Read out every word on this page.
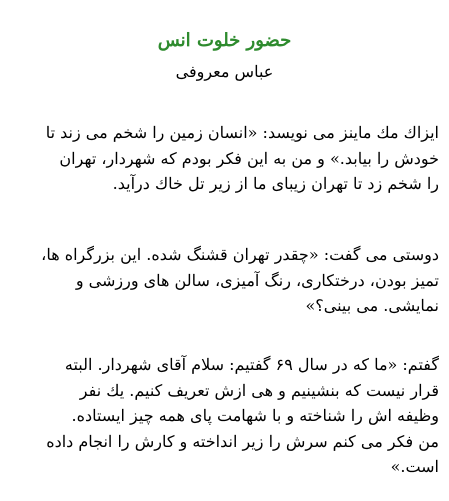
حضور خلوت انس
عباس معروفی
ایزاك مك ماینز می نویسد: «انسان زمین را شخم می زند تا
خودش را بیابد.» و من به این فكر بودم كه شهردار، تهران
را شخم زد تا تهران زیبای ما از زیر تل خاك درآید.
دوستی می گفت: «چقدر تهران قشنگ شده. این بزرگراه ها،
تمیز بودن، درختكاری، رنگ آمیزی، سالن های ورزشی و
نمایشی. می بینی؟»
گفتم: «ما كه در سال ۶۹ گفتیم: سلام آقای شهردار. البته
قرار نیست كه بنشینیم و هی ازش تعریف كنیم. یك نفر
وظیفه اش را شناخته و با شهامت پای همه چیز ایستاده.
من فكر می كنم سرش را زیر انداخته و كارش را انجام داده
است.»
